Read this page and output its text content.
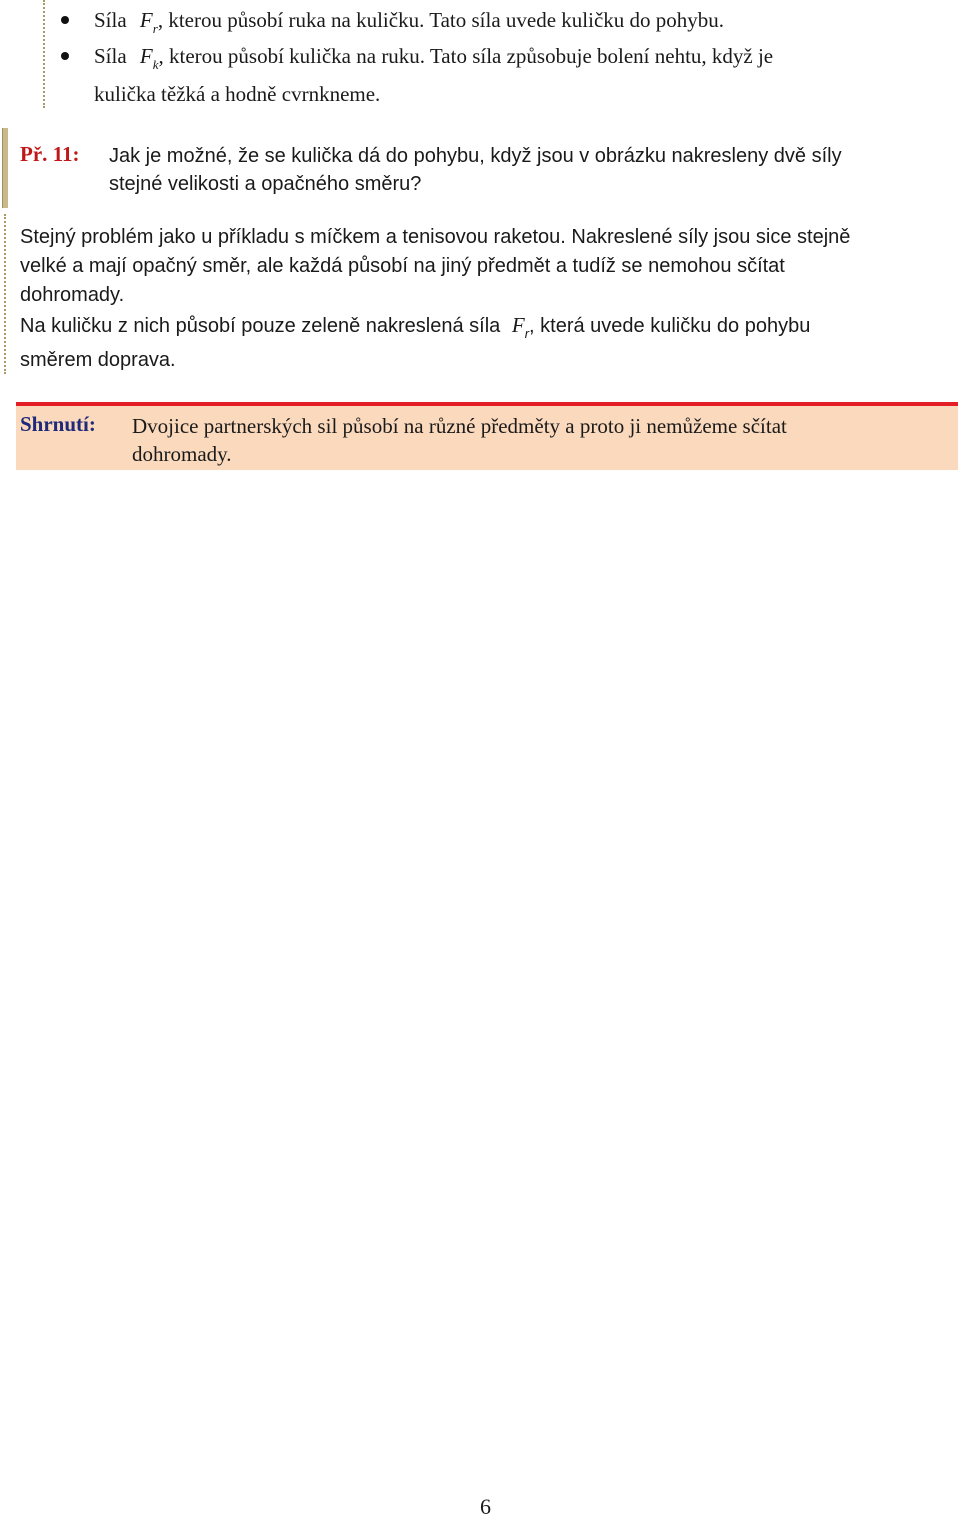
Síla $F_r$, kterou působí ruka na kuličku. Tato síla uvede kuličku do pohybu.
Síla $F_k$, kterou působí kulička na ruku. Tato síla způsobuje bolení nehtu, když je
kulička těžká a hodně cvrnkneme.
Př. 11: Jak je možné, že se kulička dá do pohybu, když jsou v obrázku nakresleny dvě síly
stejné velikosti a opačného směru?
Stejný problém jako u příkladu s míčkem a tenisovou raketou. Nakreslené síly jsou sice stejně
velké a mají opačný směr, ale každá působí na jiný předmět a tudíž se nemohou sčítat
dohromady.
Na kuličku z nich působí pouze zeleně nakreslená síla $F_r$, která uvede kuličku do pohybu
směrem doprava.
Shrnutí: Dvojice partnerských sil působí na různé předměty a proto ji nemůžeme sčítat
dohromady.
6
